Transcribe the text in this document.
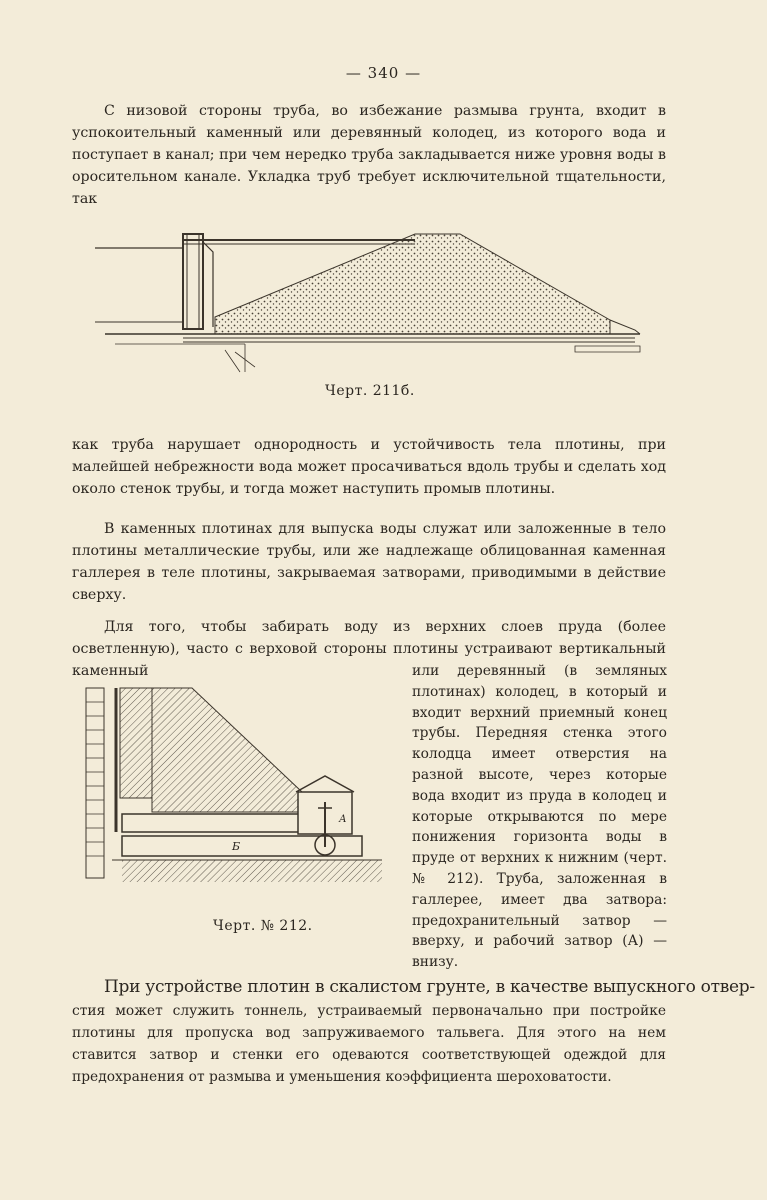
— 340 —

С низовой стороны труба, во избежание размыва грунта, входит в успокоительный каменный или деревянный колодец, из которого вода и поступает в канал; при чем нередко труба закладывается ниже уровня воды в оросительном канале. Укладка труб требует исключительной тщательности, так

Черт. 211б.

как труба нарушает однородность и устойчивость тела плотины, при малейшей небрежности вода может просачиваться вдоль трубы и сделать ход около стенок трубы, и тогда может наступить промыв плотины.

В каменных плотинах для выпуска воды служат или заложенные в тело плотины металлические трубы, или же надлежаще облицованная каменная галлерея в теле плотины, закрываемая затворами, приводимыми в действие сверху.

Для того, чтобы забирать воду из верхних слоев пруда (более осветленную), часто с верховой стороны плотины устраивают вертикальный каменный

Б
А
Черт. № 212.

или деревянный (в земляных плотинах) колодец, в который и входит верхний приемный конец трубы. Передняя стенка этого колодца имеет отверстия на разной высоте, через которые вода входит из пруда в колодец и которые открываются по мере понижения горизонта воды в пруде от верхних к нижним (черт. № 212). Труба, заложенная в галлерее, имеет два затвора: предохранительный затвор — вверху, и рабочий затвор (А) — внизу.

При устройстве плотин в скалистом грунте, в качестве выпускного отвер-

стия может служить тоннель, устраиваемый первоначально при постройке плотины для пропуска вод запруживаемого тальвега. Для этого на нем ставится затвор и стенки его одеваются соответствующей одеждой для предохранения от размыва и уменьшения коэффициента шероховатости.
